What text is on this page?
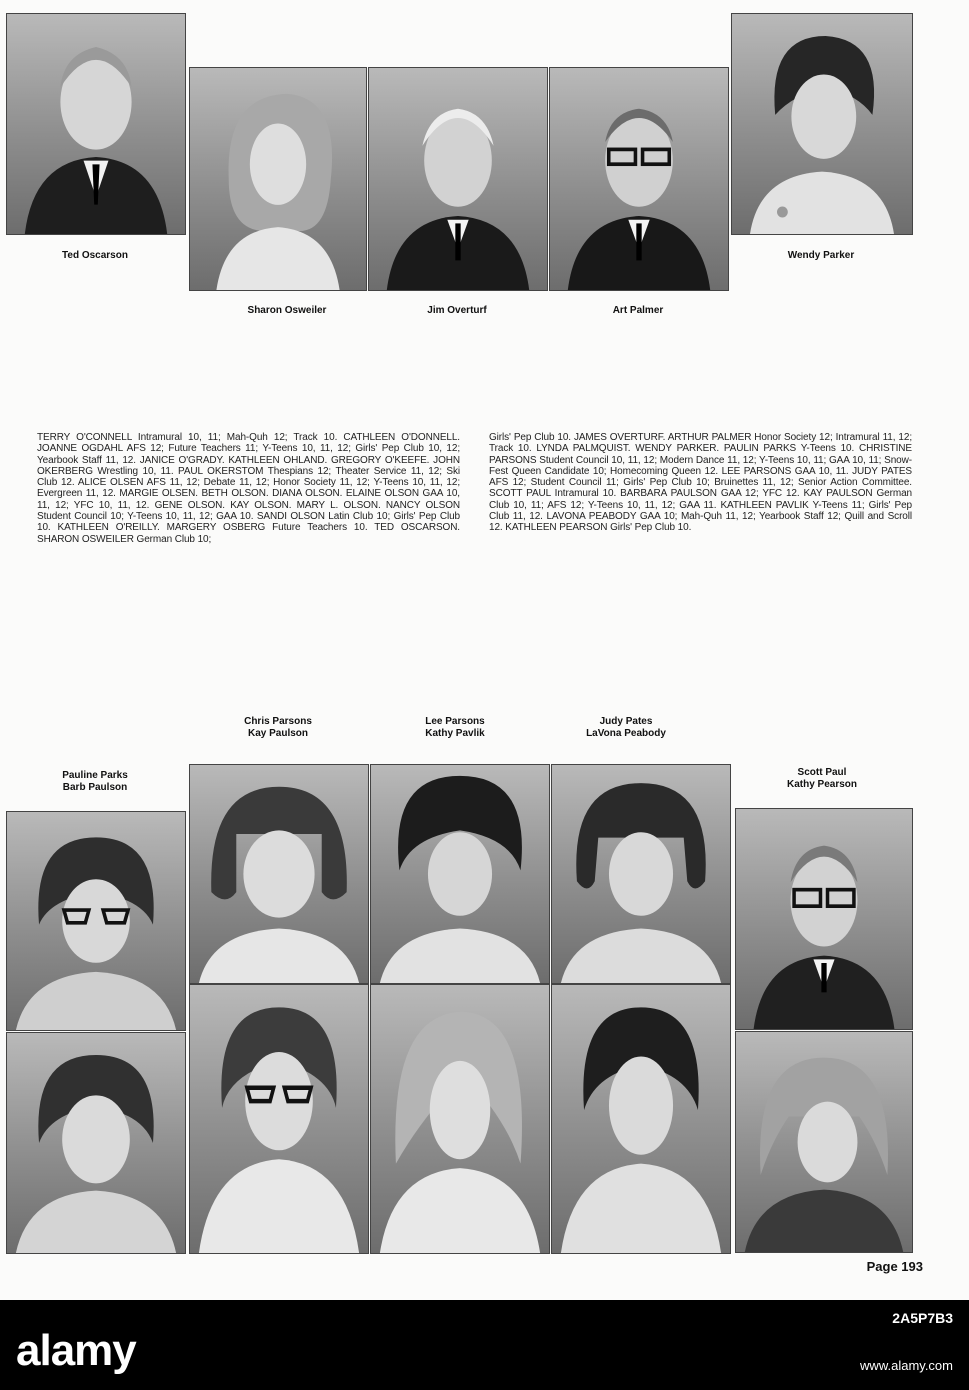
Ted Oscarson
Sharon Osweiler	Jim Overturf	Art Palmer
Wendy Parker
TERRY O'CONNELL Intramural 10, 11; Mah-Quh 12; Track 10. CATHLEEN O'DONNELL. JOANNE OGDAHL AFS 12; Future Teachers 11; Y-Teens 10, 11, 12; Girls' Pep Club 10, 12; Yearbook Staff 11, 12. JANICE O'GRADY. KATHLEEN OHLAND. GREGORY O'KEEFE. JOHN OKERBERG Wrestling 10, 11. PAUL OKERSTOM Thespians 12; Theater Service 11, 12; Ski Club 12. ALICE OLSEN AFS 11, 12; Debate 11, 12; Honor Society 11, 12; Y-Teens 10, 11, 12; Evergreen 11, 12. MARGIE OLSEN. BETH OLSON. DIANA OLSON. ELAINE OLSON GAA 10, 11, 12; YFC 10, 11, 12. GENE OLSON. KAY OLSON. MARY L. OLSON. NANCY OLSON Student Council 10; Y-Teens 10, 11, 12; GAA 10. SANDI OLSON Latin Club 10; Girls' Pep Club 10. KATHLEEN O'REILLY. MARGERY OSBERG Future Teachers 10. TED OSCARSON. SHARON OSWEILER German Club 10;
Girls' Pep Club 10. JAMES OVERTURF. ARTHUR PALMER Honor Society 12; Intramural 11, 12; Track 10. LYNDA PALMQUIST. WENDY PARKER. PAULIN PARKS Y-Teens 10. CHRISTINE PARSONS Student Council 10, 11, 12; Modern Dance 11, 12; Y-Teens 10, 11; GAA 10, 11; Snow-Fest Queen Candidate 10; Homecoming Queen 12. LEE PARSONS GAA 10, 11. JUDY PATES AFS 12; Student Council 11; Girls' Pep Club 10; Bruinettes 11, 12; Senior Action Committee. SCOTT PAUL Intramural 10. BARBARA PAULSON GAA 12; YFC 12. KAY PAULSON German Club 10, 11; AFS 12; Y-Teens 10, 11, 12; GAA 11. KATHLEEN PAVLIK Y-Teens 11; Girls' Pep Club 11, 12. LAVONA PEABODY GAA 10; Mah-Quh 11, 12; Yearbook Staff 12; Quill and Scroll 12. KATHLEEN PEARSON Girls' Pep Club 10.
Pauline Parks
Barb Paulson
Chris Parsons
Kay Paulson
Lee Parsons
Kathy Pavlik
Judy Pates
LaVona Peabody
Scott Paul
Kathy Pearson
Page 193
alamy
2A5P7B3
www.alamy.com
